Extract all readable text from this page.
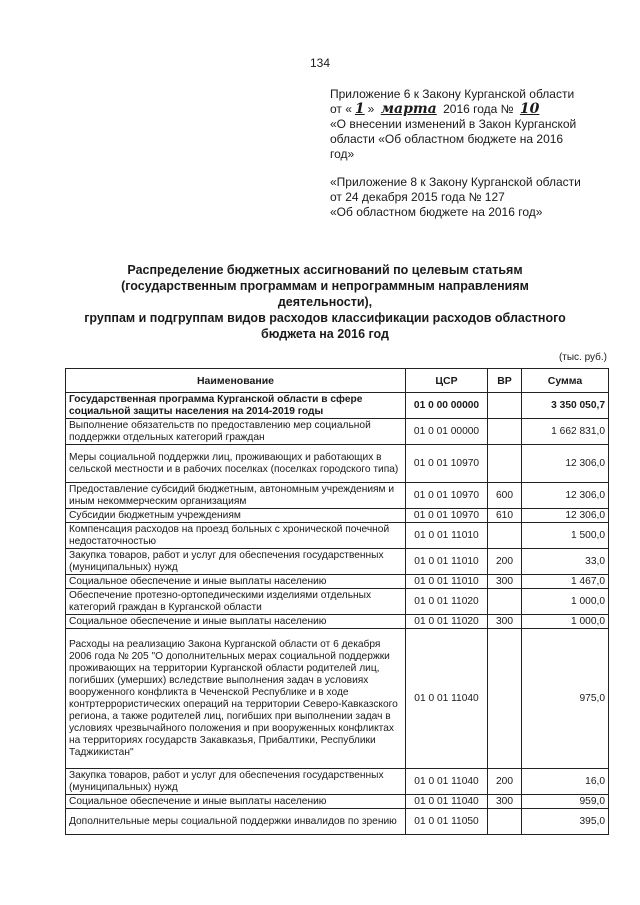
134
Приложение 6 к Закону Курганской области
от « 1 » марта 2016 года № 10
«О внесении изменений в Закон Курганской
области «Об областном бюджете на 2016
год»
«Приложение 8 к Закону Курганской области
от 24 декабря 2015 года № 127
«Об областном бюджете на 2016 год»
Распределение бюджетных ассигнований по целевым статьям
(государственным программам и непрограммным направлениям деятельности),
группам и подгруппам видов расходов классификации расходов областного
бюджета на 2016 год
(тыс. руб.)
Наименование	ЦСР	ВР	Сумма
Государственная программа Курганской области в сфере социальной защиты населения на 2014-2019 годы	01 0 00 00000		3 350 050,7
Выполнение обязательств по предоставлению мер социальной поддержки отдельных категорий граждан	01 0 01 00000		1 662 831,0
Меры социальной поддержки лиц, проживающих и работающих в сельской местности и в рабочих поселках (поселках городского типа)	01 0 01 10970		12 306,0
Предоставление субсидий бюджетным, автономным учреждениям и иным некоммерческим организациям	01 0 01 10970	600	12 306,0
Субсидии бюджетным учреждениям	01 0 01 10970	610	12 306,0
Компенсация расходов на проезд больных с хронической почечной недостаточностью	01 0 01 11010		1 500,0
Закупка товаров, работ и услуг для обеспечения государственных (муниципальных) нужд	01 0 01 11010	200	33,0
Социальное обеспечение и иные выплаты населению	01 0 01 11010	300	1 467,0
Обеспечение протезно-ортопедическими изделиями отдельных категорий граждан в Курганской области	01 0 01 11020		1 000,0
Социальное обеспечение и иные выплаты населению	01 0 01 11020	300	1 000,0
Расходы на реализацию Закона Курганской области от 6 декабря 2006 года № 205 "О дополнительных мерах социальной поддержки проживающих на территории Курганской области родителей лиц, погибших (умерших) вследствие выполнения задач в условиях вооруженного конфликта в Чеченской Республике и в ходе контртеррористических операций на территории Северо-Кавказского региона, а также родителей лиц, погибших при выполнении задач в условиях чрезвычайного положения и при вооруженных конфликтах на территориях государств Закавказья, Прибалтики, Республики Таджикистан"	01 0 01 11040		975,0
Закупка товаров, работ и услуг для обеспечения государственных (муниципальных) нужд	01 0 01 11040	200	16,0
Социальное обеспечение и иные выплаты населению	01 0 01 11040	300	959,0
Дополнительные меры социальной поддержки инвалидов по зрению	01 0 01 11050		395,0
